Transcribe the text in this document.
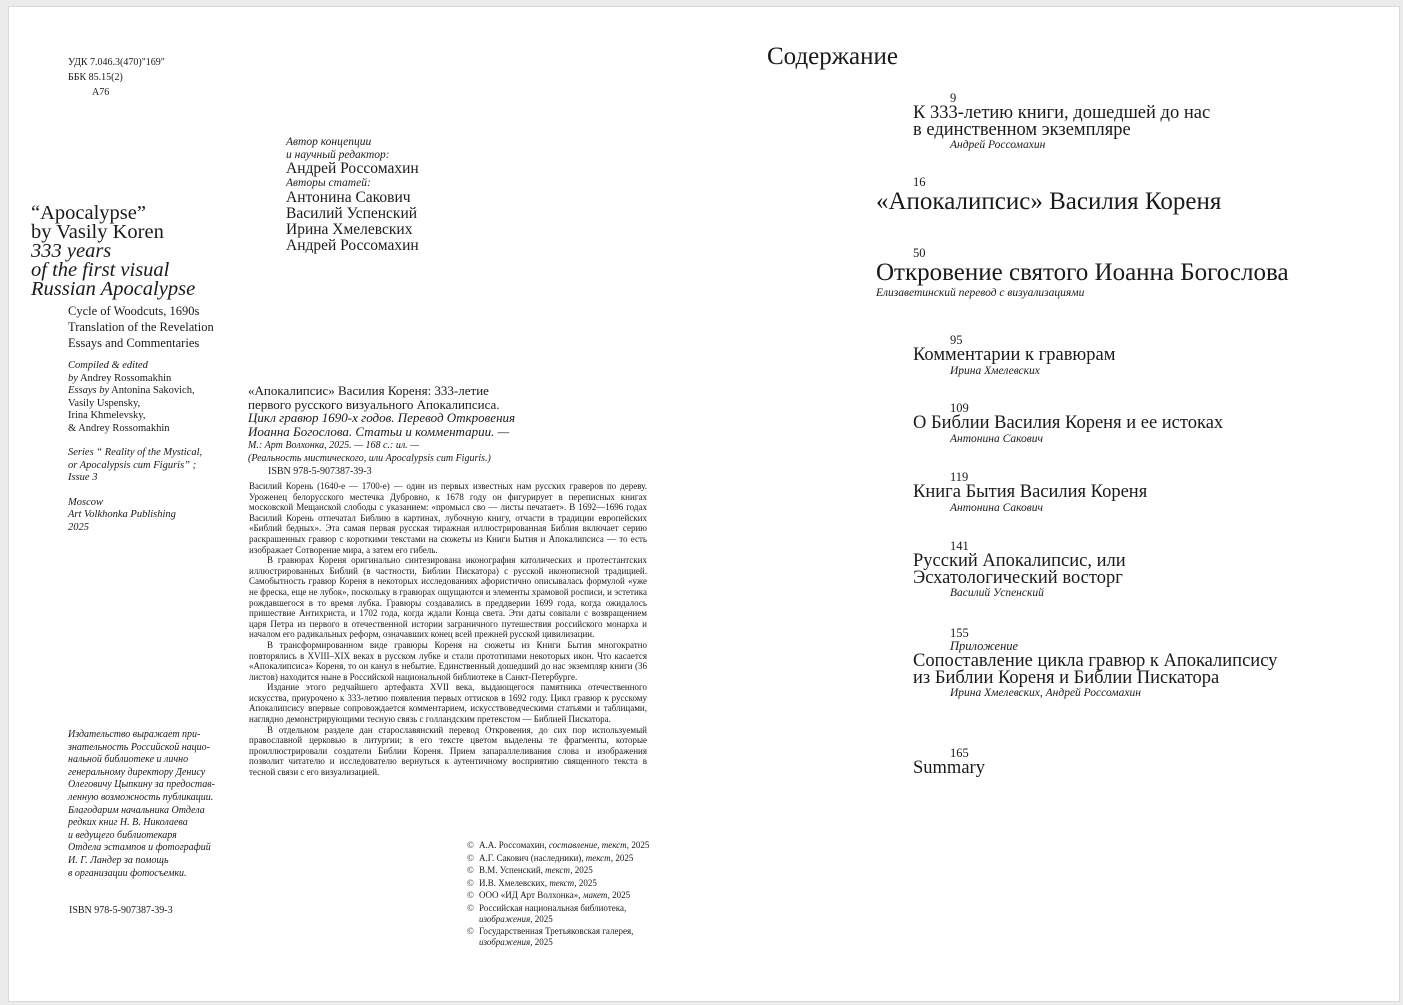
УДК 7.046.3(470)"169"
ББК 85.15(2)
А76
“Apocalypse”
by Vasily Koren
333 years
of the first visual
Russian Apocalypse
Cycle of Woodcuts, 1690s
Translation of the Revelation
Essays and Commentaries
Compiled & edited
by Andrey Rossomakhin
Essays by Antonina Sakovich,
Vasily Uspensky,
Irina Khmelevsky,
& Andrey Rossomakhin
Series “ Reality of the Mystical,
or Apocalypsis cum Figuris” ;
Issue 3
Moscow
Art Volkhonka Publishing
2025
Издательство выражает при-
знательность Российской нацио-
нальной библиотеке и лично
генеральному директору Денису
Олеговичу Цыпкину за предостав-
ленную возможность публикации.
Благодарим начальника Отдела
редких книг Н. В. Николаева
и ведущего библиотекаря
Отдела эстампов и фотографий
И. Г. Ландер за помощь
в организации фотосъемки.
ISBN 978-5-907387-39-3
Автор концепции
и научный редактор:
Андрей Россомахин
Авторы статей:
Антонина Сакович
Василий Успенский
Ирина Хмелевских
Андрей Россомахин
«Апокалипсис» Василия Кореня: 333-летие
первого русского визуального Апокалипсиса.
Цикл гравюр 1690-х годов. Перевод Откровения
Иоанна Богослова. Статьи и комментарии. —
М.: Арт Волхонка, 2025. — 168 с.: ил. —
(Реальность мистического, или Apocalypsis cum Figuris.)
ISBN 978-5-907387-39-3

Василий Корень (1640-е — 1700-е) — один из первых известных нам русских граверов по дереву. Уроженец белорусского местечка Дубровно, к 1678 году он фигурирует в переписных книгах московской Мещанской слободы с указанием: «промысл сво — листы печатает». В 1692—1696 годах Василий Корень отпечатал Библию в картинах, лубочную книгу, отчасти в традиции европейских «Библий бедных». Эта самая первая русская тиражная иллюстрированная Библия включает серию раскрашенных гравюр с короткими текстами на сюжеты из Книги Бытия и Апокалипсиса — то есть изображает Сотворение мира, а затем его гибель.

В гравюрах Кореня оригинально синтезирована иконография католических и протестантских иллюстрированных Библий (в частности, Библии Пискатора) с русской иконописной традицией. Самобытность гравюр Кореня в некоторых исследованиях афористично описывалась формулой «уже не фреска, еще не лубок», поскольку в гравюрах ощущаются и элементы храмовой росписи, и эстетика рождавшегося в то время лубка. Гравюры создавались в преддверии 1699 года, когда ожидалось пришествие Антихриста, и 1702 года, когда ждали Конца света. Эти даты совпали с возвращением царя Петра из первого в отечественной истории заграничного путешествия российского монарха и началом его радикальных реформ, означавших конец всей прежней русской цивилизации.

В трансформированном виде гравюры Кореня на сюжеты из Книги Бытия многократно повторялись в XVIII–XIX веках в русском лубке и стали прототипами некоторых икон. Что касается «Апокалипсиса» Кореня, то он канул в небытие. Единственный дошедший до нас экземпляр книги (36 листов) находится ныне в Российской национальной библиотеке в Санкт-Петербурге.

Издание этого редчайшего артефакта XVII века, выдающегося памятника отечественного искусства, приурочено к 333-летию появления первых оттисков в 1692 году. Цикл гравюр к русскому Апокалипсису впервые сопровождается комментарием, искусствоведческими статьями и таблицами, наглядно демонстрирующими тесную связь с голландским претекстом — Библией Пискатора.

В отдельном разделе дан старославянский перевод Откровения, до сих пор используемый православной церковью в литургии; в его тексте цветом выделены те фрагменты, которые проиллюстрировали создатели Библии Кореня. Прием запараллеливания слова и изображения позволит читателю и исследователю вернуться к аутентичному восприятию священного текста в тесной связи с его визуализацией.

© А.А. Россомахин, составление, текст, 2025
© А.Г. Сакович (наследники), текст, 2025
© В.М. Успенский, текст, 2025
© И.В. Хмелевских, текст, 2025
© ООО «ИД Арт Волхонка», макет, 2025
© Российская национальная библиотека,
изображения, 2025
© Государственная Третьяковская галерея,
изображения, 2025
Содержание
9
К 333-летию книги, дошедшей до нас
в единственном экземпляре
Андрей Россомахин
16
«Апокалипсис» Василия Кореня
50
Откровение святого Иоанна Богослова
Елизаветинский перевод с визуализациями
95
Комментарии к гравюрам
Ирина Хмелевских
109
О Библии Василия Кореня и ее истоках
Антонина Сакович
119
Книга Бытия Василия Кореня
Антонина Сакович
141
Русский Апокалипсис, или
Эсхатологический восторг
Василий Успенский
155
Приложение
Сопоставление цикла гравюр к Апокалипсису
из Библии Кореня и Библии Пискатора
Ирина Хмелевских, Андрей Россомахин
165
Summary
